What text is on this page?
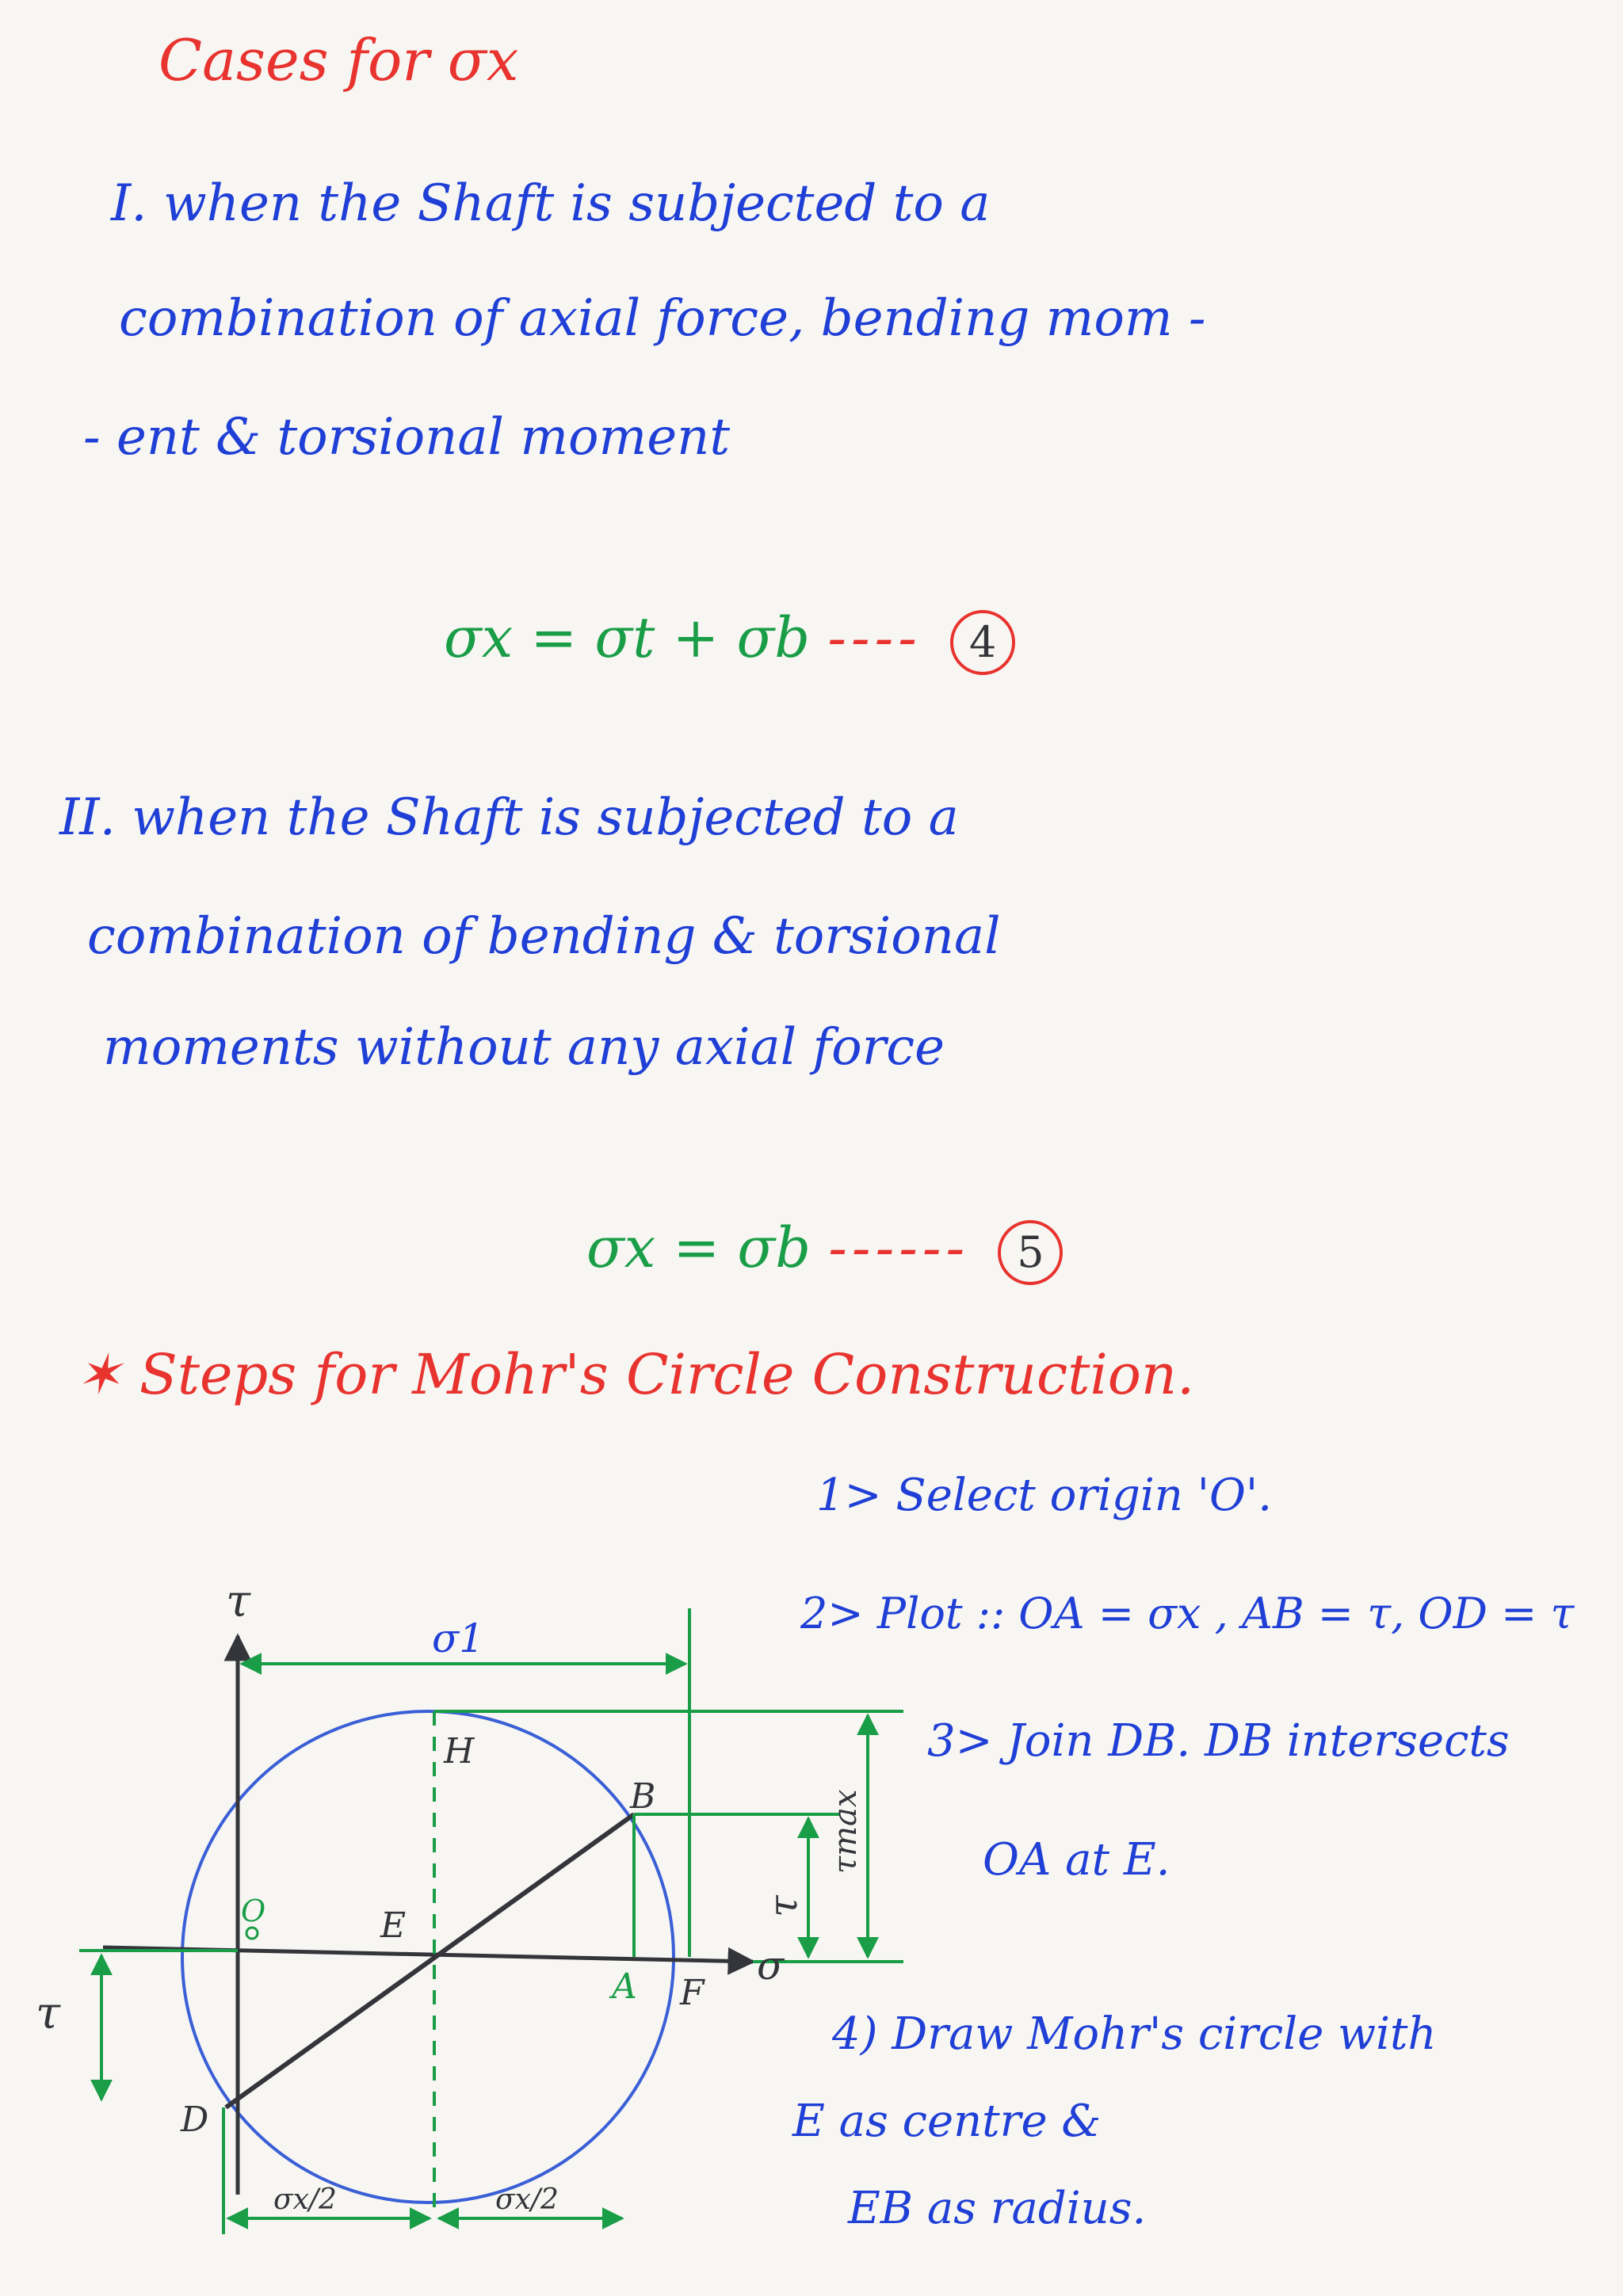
Cases for σx
I. when the Shaft is subjected to a
combination of axial force, bending mom -
- ent & torsional moment
σx = σt + σb ---- 4
II. when the Shaft is subjected to a
combination of bending & torsional
moments without any axial force
σx = σb ------ 5
✶ Steps for Mohr's Circle Construction.
1> Select origin 'O'.
2> Plot :: OA = σx , AB = τ, OD = τ
3> Join DB. DB intersects
OA at E.
4) Draw Mohr's circle with
E as centre &
EB as radius.
τ
σ
σ1
H
B
O	E
A F
D
τ
τ
τmax
σx/2	σx/2
